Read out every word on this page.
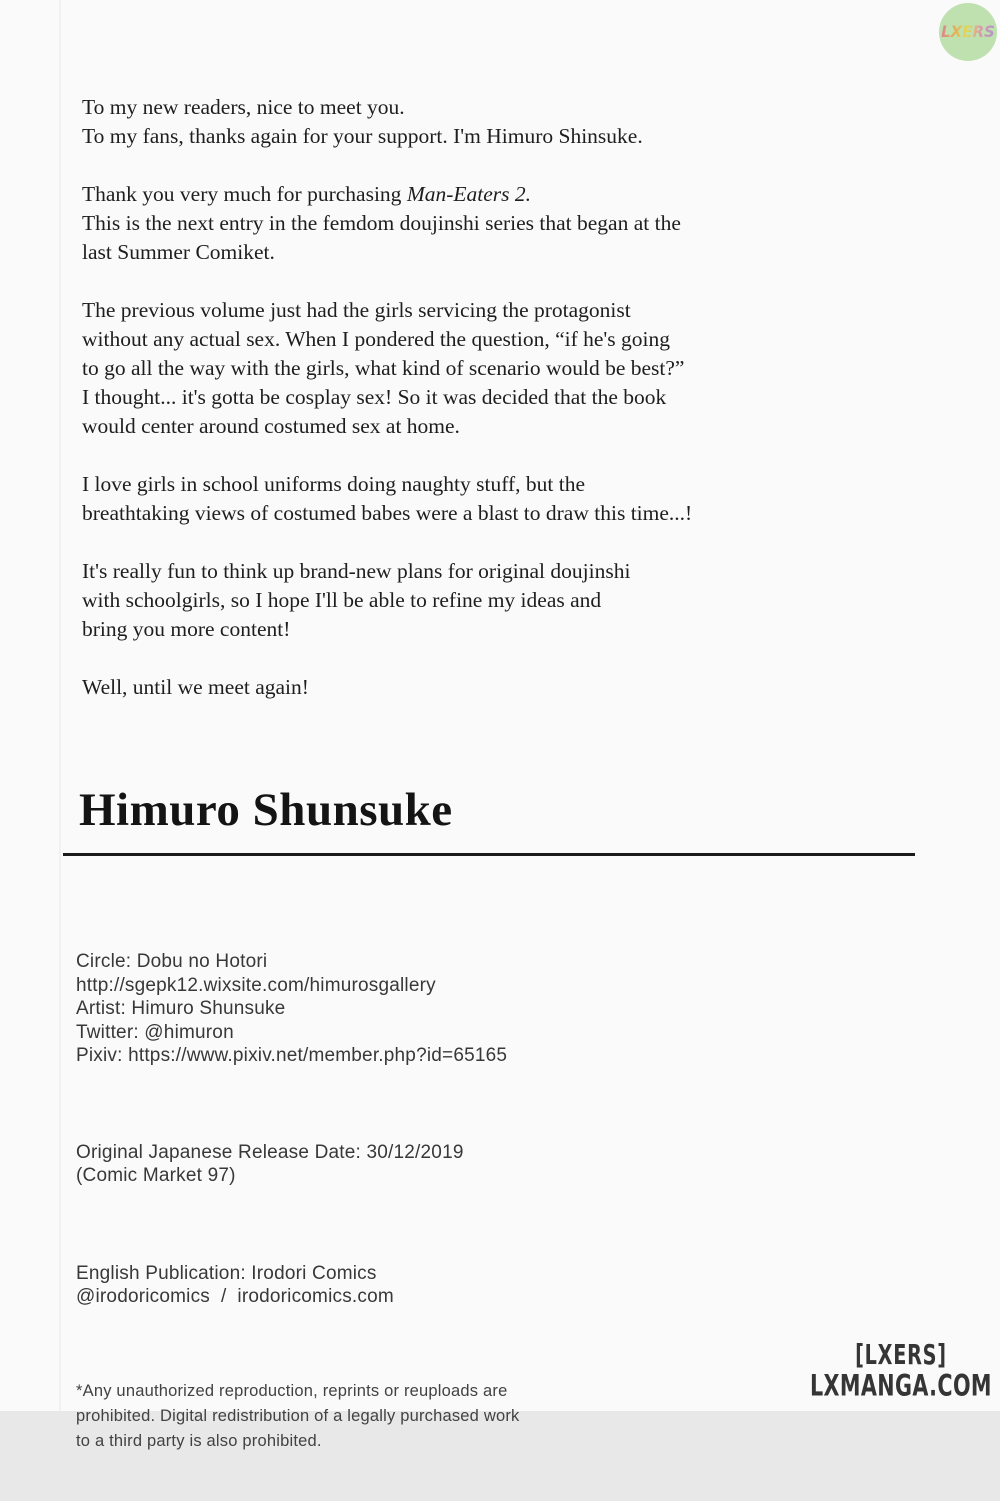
LXERS

To my new readers, nice to meet you.
To my fans, thanks again for your support. I'm Himuro Shinsuke.

Thank you very much for purchasing Man-Eaters 2.
This is the next entry in the femdom doujinshi series that began at the
last Summer Comiket.

The previous volume just had the girls servicing the protagonist
without any actual sex. When I pondered the question, “if he's going
to go all the way with the girls, what kind of scenario would be best?”
I thought... it's gotta be cosplay sex! So it was decided that the book
would center around costumed sex at home.

I love girls in school uniforms doing naughty stuff, but the
breathtaking views of costumed babes were a blast to draw this time...!

It's really fun to think up brand-new plans for original doujinshi
with schoolgirls, so I hope I'll be able to refine my ideas and
bring you more content!

Well, until we meet again!

Himuro Shunsuke

Circle: Dobu no Hotori
http://sgepk12.wixsite.com/himurosgallery
Artist: Himuro Shunsuke
Twitter: @himuron
Pixiv: https://www.pixiv.net/member.php?id=65165

Original Japanese Release Date: 30/12/2019
(Comic Market 97)

English Publication: Irodori Comics
@irodoricomics  /  irodoricomics.com

*Any unauthorized reproduction, reprints or reuploads are
prohibited. Digital redistribution of a legally purchased work
to a third party is also prohibited.

[LXERS]
LXMANGA.COM
